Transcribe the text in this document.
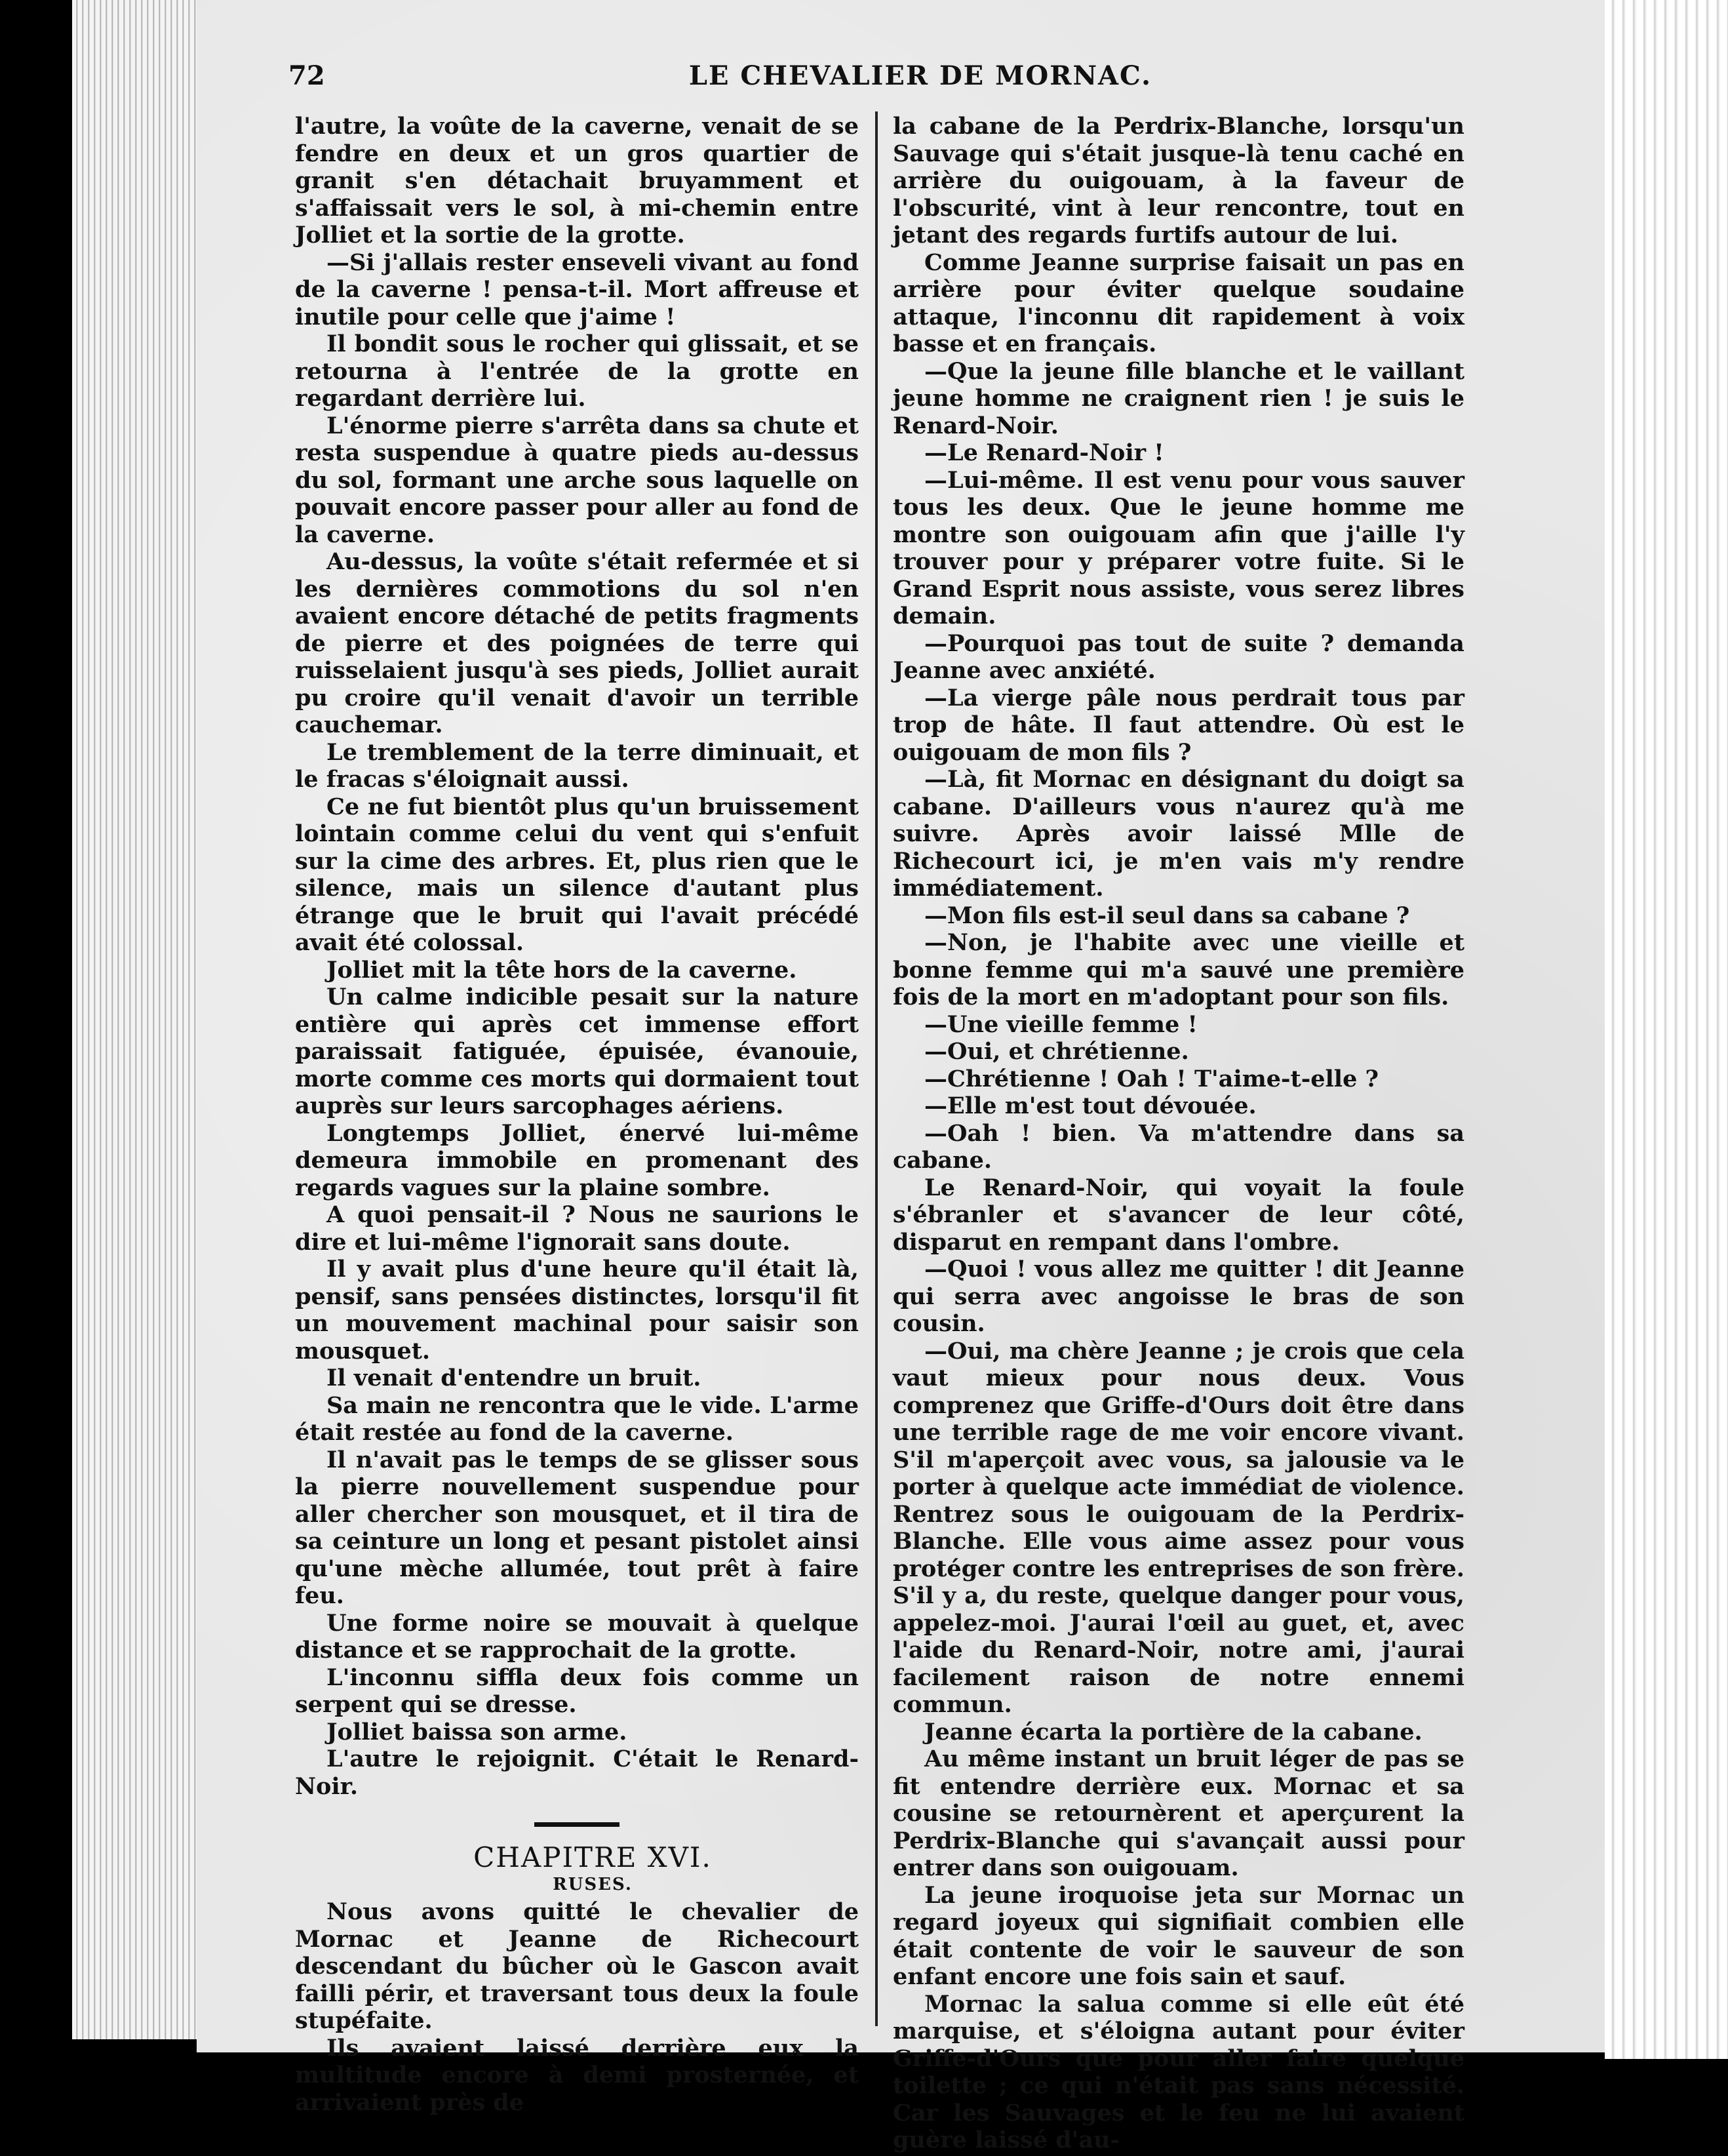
72	LE CHEVALIER DE MORNAC.

l'autre, la voûte de la caverne, venait de se fendre en deux et un gros quartier de granit s'en détachait bruyamment et s'affaissait vers le sol, à mi-chemin entre Jolliet et la sortie de la grotte.

—Si j'allais rester enseveli vivant au fond de la caverne ! pensa-t-il. Mort affreuse et inutile pour celle que j'aime !

Il bondit sous le rocher qui glissait, et se retourna à l'entrée de la grotte en regardant derrière lui.

L'énorme pierre s'arrêta dans sa chute et resta suspendue à quatre pieds au-dessus du sol, formant une arche sous laquelle on pouvait encore passer pour aller au fond de la caverne.

Au-dessus, la voûte s'était refermée et si les dernières commotions du sol n'en avaient encore détaché de petits fragments de pierre et des poignées de terre qui ruisselaient jusqu'à ses pieds, Jolliet aurait pu croire qu'il venait d'avoir un terrible cauchemar.

Le tremblement de la terre diminuait, et le fracas s'éloignait aussi.

Ce ne fut bientôt plus qu'un bruissement lointain comme celui du vent qui s'enfuit sur la cime des arbres. Et, plus rien que le silence, mais un silence d'autant plus étrange que le bruit qui l'avait précédé avait été colossal.

Jolliet mit la tête hors de la caverne.

Un calme indicible pesait sur la nature entière qui après cet immense effort paraissait fatiguée, épuisée, évanouie, morte comme ces morts qui dormaient tout auprès sur leurs sarcophages aériens.

Longtemps Jolliet, énervé lui-même demeura immobile en promenant des regards vagues sur la plaine sombre.

A quoi pensait-il ? Nous ne saurions le dire et lui-même l'ignorait sans doute.

Il y avait plus d'une heure qu'il était là, pensif, sans pensées distinctes, lorsqu'il fit un mouvement machinal pour saisir son mousquet.

Il venait d'entendre un bruit.

Sa main ne rencontra que le vide. L'arme était restée au fond de la caverne.

Il n'avait pas le temps de se glisser sous la pierre nouvellement suspendue pour aller chercher son mousquet, et il tira de sa ceinture un long et pesant pistolet ainsi qu'une mèche allumée, tout prêt à faire feu.

Une forme noire se mouvait à quelque distance et se rapprochait de la grotte.

L'inconnu siffla deux fois comme un serpent qui se dresse.

Jolliet baissa son arme.

L'autre le rejoignit. C'était le Renard-Noir.

CHAPITRE XVI.

RUSES.

Nous avons quitté le chevalier de Mornac et Jeanne de Richecourt descendant du bûcher où le Gascon avait failli périr, et traversant tous deux la foule stupéfaite.

Ils avaient laissé derrière eux la multitude encore à demi prosternée, et arrivaient près de

la cabane de la Perdrix-Blanche, lorsqu'un Sauvage qui s'était jusque-là tenu caché en arrière du ouigouam, à la faveur de l'obscurité, vint à leur rencontre, tout en jetant des regards furtifs autour de lui.

Comme Jeanne surprise faisait un pas en arrière pour éviter quelque soudaine attaque, l'inconnu dit rapidement à voix basse et en français.

—Que la jeune fille blanche et le vaillant jeune homme ne craignent rien ! je suis le Renard-Noir.

—Le Renard-Noir !

—Lui-même. Il est venu pour vous sauver tous les deux. Que le jeune homme me montre son ouigouam afin que j'aille l'y trouver pour y préparer votre fuite. Si le Grand Esprit nous assiste, vous serez libres demain.

—Pourquoi pas tout de suite ? demanda Jeanne avec anxiété.

—La vierge pâle nous perdrait tous par trop de hâte. Il faut attendre. Où est le ouigouam de mon fils ?

—Là, fit Mornac en désignant du doigt sa cabane. D'ailleurs vous n'aurez qu'à me suivre. Après avoir laissé Mlle de Richecourt ici, je m'en vais m'y rendre immédiatement.

—Mon fils est-il seul dans sa cabane ?

—Non, je l'habite avec une vieille et bonne femme qui m'a sauvé une première fois de la mort en m'adoptant pour son fils.

—Une vieille femme !

—Oui, et chrétienne.

—Chrétienne ! Oah ! T'aime-t-elle ?

—Elle m'est tout dévouée.

—Oah ! bien. Va m'attendre dans sa cabane.

Le Renard-Noir, qui voyait la foule s'ébranler et s'avancer de leur côté, disparut en rempant dans l'ombre.

—Quoi ! vous allez me quitter ! dit Jeanne qui serra avec angoisse le bras de son cousin.

—Oui, ma chère Jeanne ; je crois que cela vaut mieux pour nous deux. Vous comprenez que Griffe-d'Ours doit être dans une terrible rage de me voir encore vivant. S'il m'aperçoit avec vous, sa jalousie va le porter à quelque acte immédiat de violence. Rentrez sous le ouigouam de la Perdrix-Blanche. Elle vous aime assez pour vous protéger contre les entreprises de son frère. S'il y a, du reste, quelque danger pour vous, appelez-moi. J'aurai l'œil au guet, et, avec l'aide du Renard-Noir, notre ami, j'aurai facilement raison de notre ennemi commun.

Jeanne écarta la portière de la cabane.

Au même instant un bruit léger de pas se fit entendre derrière eux. Mornac et sa cousine se retournèrent et aperçurent la Perdrix-Blanche qui s'avançait aussi pour entrer dans son ouigouam.

La jeune iroquoise jeta sur Mornac un regard joyeux qui signifiait combien elle était contente de voir le sauveur de son enfant encore une fois sain et sauf.

Mornac la salua comme si elle eût été marquise, et s'éloigna autant pour éviter Griffe-d'Ours que pour aller faire quelque toilette ; ce qui n'était pas sans nécessité. Car les Sauvages et le feu ne lui avaient guère laissé d'au-
